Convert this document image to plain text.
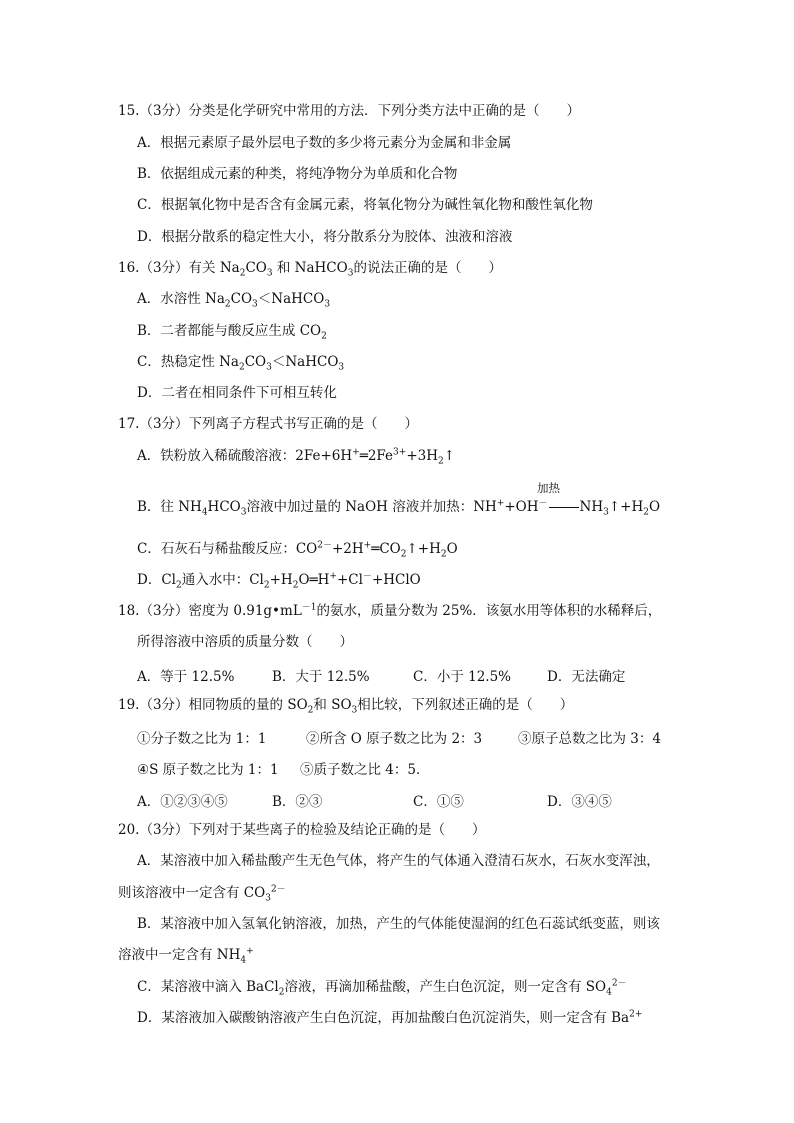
15.（3分）分类是化学研究中常用的方法．下列分类方法中正确的是（　　）
A．根据元素原子最外层电子数的多少将元素分为金属和非金属
B．依据组成元素的种类，将纯净物分为单质和化合物
C．根据氧化物中是否含有金属元素，将氧化物分为碱性氧化物和酸性氧化物
D．根据分散系的稳定性大小，将分散系分为胶体、浊液和溶液
16.（3分）有关 $Na_2CO_3$ 和 NaHCO$_3$的说法正确的是（　　）
A．水溶性 $Na_2CO_3<NaHCO_3$
B．二者都能与酸反应生成 $CO_2$
C．热稳定性 $Na_2CO_3<NaHCO_3$
D．二者在相同条件下可相互转化
17.（3分）下列离子方程式书写正确的是（　　）
A．铁粉放入稀硫酸溶液：$2Fe+6H^+═2Fe^{3+}+3H_2↑$
加热
B．往 $NH_4HCO_3$溶液中加过量的 NaOH 溶液并加热：NH++OH－ $NH_3↑+H_2O$
C．石灰石与稀盐酸反应：$CO^{2-}+2H^+═CO_2↑+H_2O$
D．$Cl_2$通入水中：$Cl_2+H_2O═H^++Cl^-+HClO$
18.（3分）密度为 $0.91g•mL^{-1}$的氨水，质量分数为 25%．该氨水用等体积的水稀释后，
所得溶液中溶质的质量分数（　　）
A．等于 12.5%	B．大于 12.5%	C．小于 12.5%	D．无法确定
19.（3分）相同物质的量的 $SO_2$和 $SO_3$相比较，下列叙述正确的是（　　）
①分子数之比为 1：1	②所含 O 原子数之比为 2：3	③原子总数之比为 3：4
④S 原子数之比为 1：1 ⑤质子数之比 4：5．
A．①②③④⑤	B．②③	C．①⑤	D．③④⑤
20.（3分）下列对于某些离子的检验及结论正确的是（　　）
A．某溶液中加入稀盐酸产生无色气体，将产生的气体通入澄清石灰水，石灰水变浑浊，
则该溶液中一定含有 $CO_3^{2-}$
B．某溶液中加入氢氧化钠溶液，加热，产生的气体能使湿润的红色石蕊试纸变蓝，则该
溶液中一定含有 $NH_4^+$
C．某溶液中滴入 BaCl$_2$溶液，再滴加稀盐酸，产生白色沉淀，则一定含有 $SO_4^{2-}$
D．某溶液加入碳酸钠溶液产生白色沉淀，再加盐酸白色沉淀消失，则一定含有 $Ba^{2+}$
